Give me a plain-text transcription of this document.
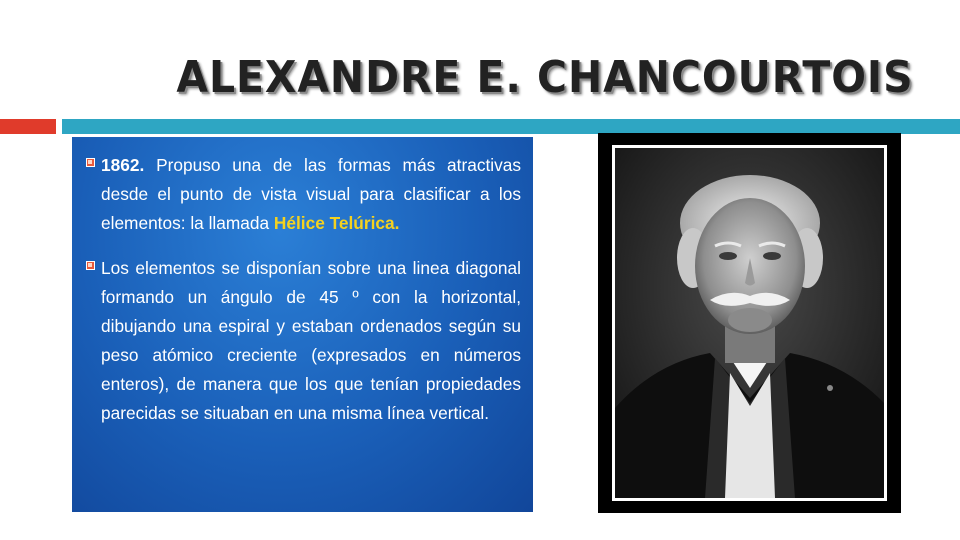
ALEXANDRE E. CHANCOURTOIS
1862. Propuso una de las formas más atractivas desde el punto de vista visual para clasificar a los elementos: la llamada Hélice Telúrica.
Los elementos se disponían sobre una linea diagonal formando un ángulo de 45 º con la horizontal, dibujando una espiral y estaban ordenados según su peso atómico creciente (expresados en números enteros), de manera que los que tenían propiedades parecidas se situaban en una misma línea vertical.
